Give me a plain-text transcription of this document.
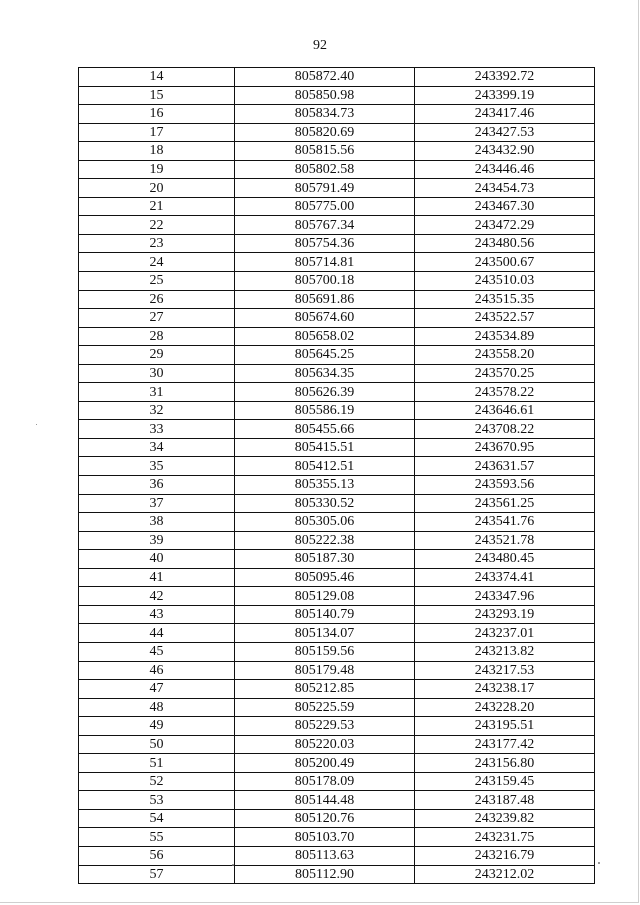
92
14	805872.40	243392.72
15	805850.98	243399.19
16	805834.73	243417.46
17	805820.69	243427.53
18	805815.56	243432.90
19	805802.58	243446.46
20	805791.49	243454.73
21	805775.00	243467.30
22	805767.34	243472.29
23	805754.36	243480.56
24	805714.81	243500.67
25	805700.18	243510.03
26	805691.86	243515.35
27	805674.60	243522.57
28	805658.02	243534.89
29	805645.25	243558.20
30	805634.35	243570.25
31	805626.39	243578.22
32	805586.19	243646.61
33	805455.66	243708.22
34	805415.51	243670.95
35	805412.51	243631.57
36	805355.13	243593.56
37	805330.52	243561.25
38	805305.06	243541.76
39	805222.38	243521.78
40	805187.30	243480.45
41	805095.46	243374.41
42	805129.08	243347.96
43	805140.79	243293.19
44	805134.07	243237.01
45	805159.56	243213.82
46	805179.48	243217.53
47	805212.85	243238.17
48	805225.59	243228.20
49	805229.53	243195.51
50	805220.03	243177.42
51	805200.49	243156.80
52	805178.09	243159.45
53	805144.48	243187.48
54	805120.76	243239.82
55	805103.70	243231.75
56	805113.63	243216.79
57	805112.90	243212.02
